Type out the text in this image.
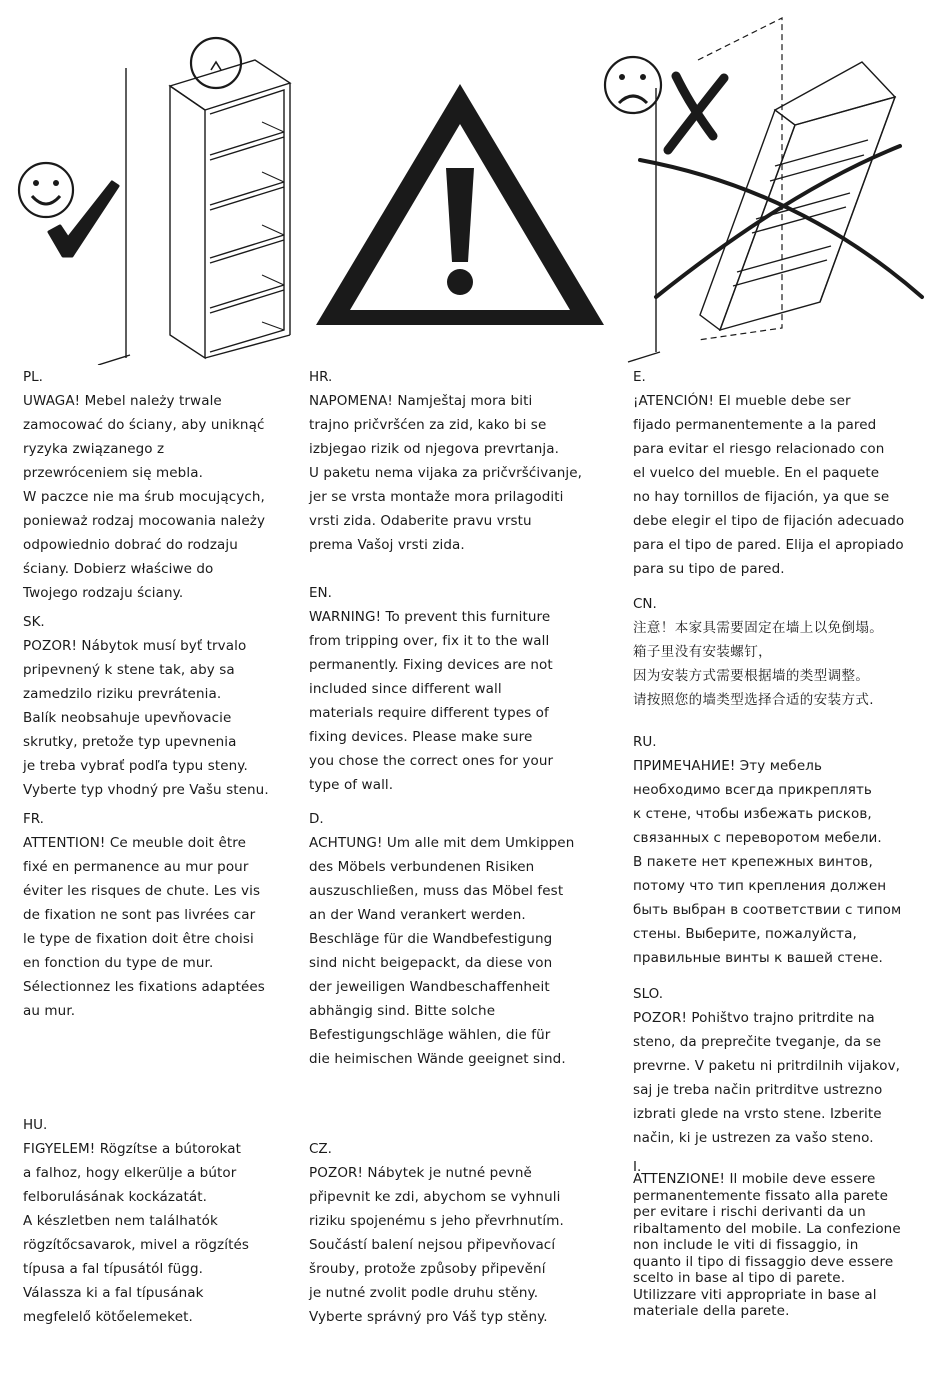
PL.
UWAGA! Mebel należy trwale
zamocować do ściany, aby uniknąć
ryzyka związanego z
przewróceniem się mebla.
W paczce nie ma śrub mocujących,
ponieważ rodzaj mocowania należy
odpowiednio dobrać do rodzaju
ściany. Dobierz właściwe do
Twojego rodzaju ściany.
SK.
POZOR! Nábytok musí byť trvalo
pripevnený k stene tak, aby sa
zamedzilo riziku prevrátenia.
Balík neobsahuje upevňovacie
skrutky, pretože typ upevnenia
je treba vybrať podľa typu steny.
Vyberte typ vhodný pre Vašu stenu.
FR.
ATTENTION! Ce meuble doit être
fixé en permanence au mur pour
éviter les risques de chute. Les vis
de fixation ne sont pas livrées car
le type de fixation doit être choisi
en fonction du type de mur.
Sélectionnez les fixations adaptées
au mur.
HU.
FIGYELEM! Rögzítse a bútorokat
a falhoz, hogy elkerülje a bútor
felborulásának kockázatát.
A készletben nem találhatók
rögzítőcsavarok, mivel a rögzítés
típusa a fal típusától függ.
Válassza ki a fal típusának
megfelelő kötőelemeket.
HR.
NAPOMENA! Namještaj mora biti
trajno pričvršćen za zid, kako bi se
izbjegao rizik od njegova prevrtanja.
U paketu nema vijaka za pričvršćivanje,
jer se vrsta montaže mora prilagoditi
vrsti zida. Odaberite pravu vrstu
prema Vašoj vrsti zida.
EN.
WARNING! To prevent this furniture
from tripping over, fix it to the wall
permanently. Fixing devices are not
included since different wall
materials require different types of
fixing devices. Please make sure
you chose the correct ones for your
type of wall.
D.
ACHTUNG! Um alle mit dem Umkippen
des Möbels verbundenen Risiken
auszuschließen, muss das Möbel fest
an der Wand verankert werden.
Beschläge für die Wandbefestigung
sind nicht beigepackt, da diese von
der jeweiligen Wandbeschaffenheit
abhängig sind. Bitte solche
Befestigungschläge wählen, die für
die heimischen Wände geeignet sind.
CZ.
POZOR! Nábytek je nutné pevně
připevnit ke zdi, abychom se vyhnuli
riziku spojenému s jeho převrhnutím.
Součástí balení nejsou připevňovací
šrouby, protože způsoby připevění
je nutné zvolit podle druhu stěny.
Vyberte správný pro Váš typ stěny.
E.
¡ATENCIÓN! El mueble debe ser
fijado permanentemente a la pared
para evitar el riesgo relacionado con
el vuelco del mueble. En el paquete
no hay tornillos de fijación, ya que se
debe elegir el tipo de fijación adecuado
para el tipo de pared. Elija el apropiado
para su tipo de pared.
CN.
注意！本家具需要固定在墙上以免倒塌。
箱子里没有安装螺钉，
因为安装方式需要根据墙的类型调整。
请按照您的墙类型选择合适的安装方式.
RU.
ПРИМЕЧАНИЕ! Эту мебель
необходимо всегда прикреплять
к стене, чтобы избежать рисков,
связанных с переворотом мебели.
В пакете нет крепежных винтов,
потому что тип крепления должен
быть выбран в соответствии с типом
стены. Выберите, пожалуйста,
правильные винты к вашей стене.
SLO.
POZOR! Pohištvo trajno pritrdite na
steno, da preprečite tveganje, da se
prevrne. V paketu ni pritrdilnih vijakov,
saj je treba način pritrditve ustrezno
izbrati glede na vrsto stene. Izberite
način, ki je ustrezen za vašo steno.
I.
ATTENZIONE! Il mobile deve essere
permanentemente fissato alla parete
per evitare i rischi derivanti da un
ribaltamento del mobile. La confezione
non include le viti di fissaggio, in
quanto il tipo di fissaggio deve essere
scelto in base al tipo di parete.
Utilizzare viti appropriate in base al
materiale della parete.
